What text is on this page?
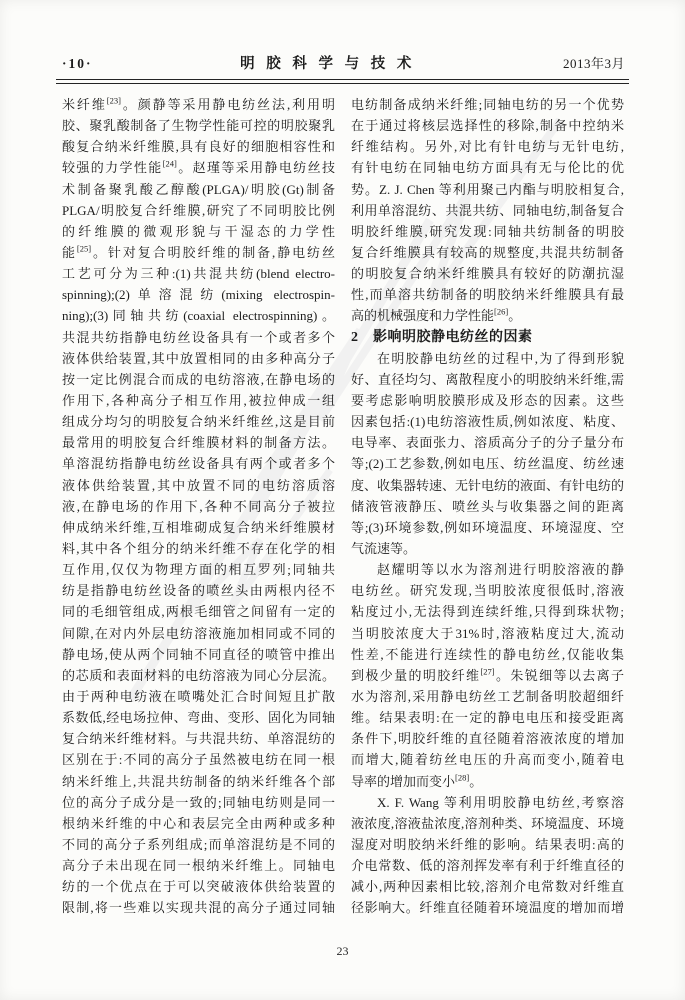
·10·	明 胶 科 学 与 技 术	2013年3月
米纤维[23]。颜静等采用静电纺丝法,利用明
胶、聚乳酸制备了生物学性能可控的明胶聚乳
酸复合纳米纤维膜,具有良好的细胞相容性和
较强的力学性能[24]。赵瑾等采用静电纺丝技
术制备聚乳酸乙醇酸(PLGA)/明胶(Gt)制备
PLGA/明胶复合纤维膜,研究了不同明胶比例
的纤维膜的微观形貌与干湿态的力学性
能[25]。针对复合明胶纤维的制备,静电纺丝
工艺可分为三种:(1)共混共纺(blend electro-
spinning);(2)单溶混纺(mixing electrospin-
ning);(3)同轴共纺(coaxial electrospinning)。
共混共纺指静电纺丝设备具有一个或者多个
液体供给装置,其中放置相同的由多种高分子
按一定比例混合而成的电纺溶液,在静电场的
作用下,各种高分子相互作用,被拉伸成一组
组成分均匀的明胶复合纳米纤维丝,这是目前
最常用的明胶复合纤维膜材料的制备方法。
单溶混纺指静电纺丝设备具有两个或者多个
液体供给装置,其中放置不同的电纺溶质溶
液,在静电场的作用下,各种不同高分子被拉
伸成纳米纤维,互相堆砌成复合纳米纤维膜材
料,其中各个组分的纳米纤维不存在化学的相
互作用,仅仅为物理方面的相互罗列;同轴共
纺是指静电纺丝设备的喷丝头由两根内径不
同的毛细管组成,两根毛细管之间留有一定的
间隙,在对内外层电纺溶液施加相同或不同的
静电场,使从两个同轴不同直径的喷管中推出
的芯质和表面材料的电纺溶液为同心分层流。
由于两种电纺液在喷嘴处汇合时间短且扩散
系数低,经电场拉伸、弯曲、变形、固化为同轴
复合纳米纤维材料。与共混共纺、单溶混纺的
区别在于:不同的高分子虽然被电纺在同一根
纳米纤维上,共混共纺制备的纳米纤维各个部
位的高分子成分是一致的;同轴电纺则是同一
根纳米纤维的中心和表层完全由两种或多种
不同的高分子系列组成;而单溶混纺是不同的
高分子未出现在同一根纳米纤维上。同轴电
纺的一个优点在于可以突破液体供给装置的
限制,将一些难以实现共混的高分子通过同轴
电纺制备成纳米纤维;同轴电纺的另一个优势
在于通过将核层选择性的移除,制备中控纳米
纤维结构。另外,对比有针电纺与无针电纺,
有针电纺在同轴电纺方面具有无与伦比的优
势。Z. J. Chen 等利用聚己内酯与明胶相复合,
利用单溶混纺、共混共纺、同轴电纺,制备复合
明胶纤维膜,研究发现:同轴共纺制备的明胶
复合纤维膜具有较高的规整度,共混共纺制备
的明胶复合纳米纤维膜具有较好的防潮抗湿
性,而单溶共纺制备的明胶纳米纤维膜具有最
高的机械强度和力学性能[26]。
2　影响明胶静电纺丝的因素
在明胶静电纺丝的过程中,为了得到形貌
好、直径均匀、离散程度小的明胶纳米纤维,需
要考虑影响明胶膜形成及形态的因素。这些
因素包括:(1)电纺溶液性质,例如浓度、粘度、
电导率、表面张力、溶质高分子的分子量分布
等;(2)工艺参数,例如电压、纺丝温度、纺丝速
度、收集器转速、无针电纺的液面、有针电纺的
储液管液静压、喷丝头与收集器之间的距离
等;(3)环境参数,例如环境温度、环境湿度、空
气流速等。
赵耀明等以水为溶剂进行明胶溶液的静
电纺丝。研究发现,当明胶浓度很低时,溶液
粘度过小,无法得到连续纤维,只得到珠状物;
当明胶浓度大于31%时,溶液粘度过大,流动
性差,不能进行连续性的静电纺丝,仅能收集
到极少量的明胶纤维[27]。朱锐细等以去离子
水为溶剂,采用静电纺丝工艺制备明胶超细纤
维。结果表明:在一定的静电电压和接受距离
条件下,明胶纤维的直径随着溶液浓度的增加
而增大,随着纺丝电压的升高而变小,随着电
导率的增加而变小[28]。
X. F. Wang 等利用明胶静电纺丝,考察溶
液浓度,溶液盐浓度,溶剂种类、环境温度、环境
湿度对明胶纳米纤维的影响。结果表明:高的
介电常数、低的溶剂挥发率有利于纤维直径的
减小,两种因素相比较,溶剂介电常数对纤维直
径影响大。纤维直径随着环境温度的增加而增
23
